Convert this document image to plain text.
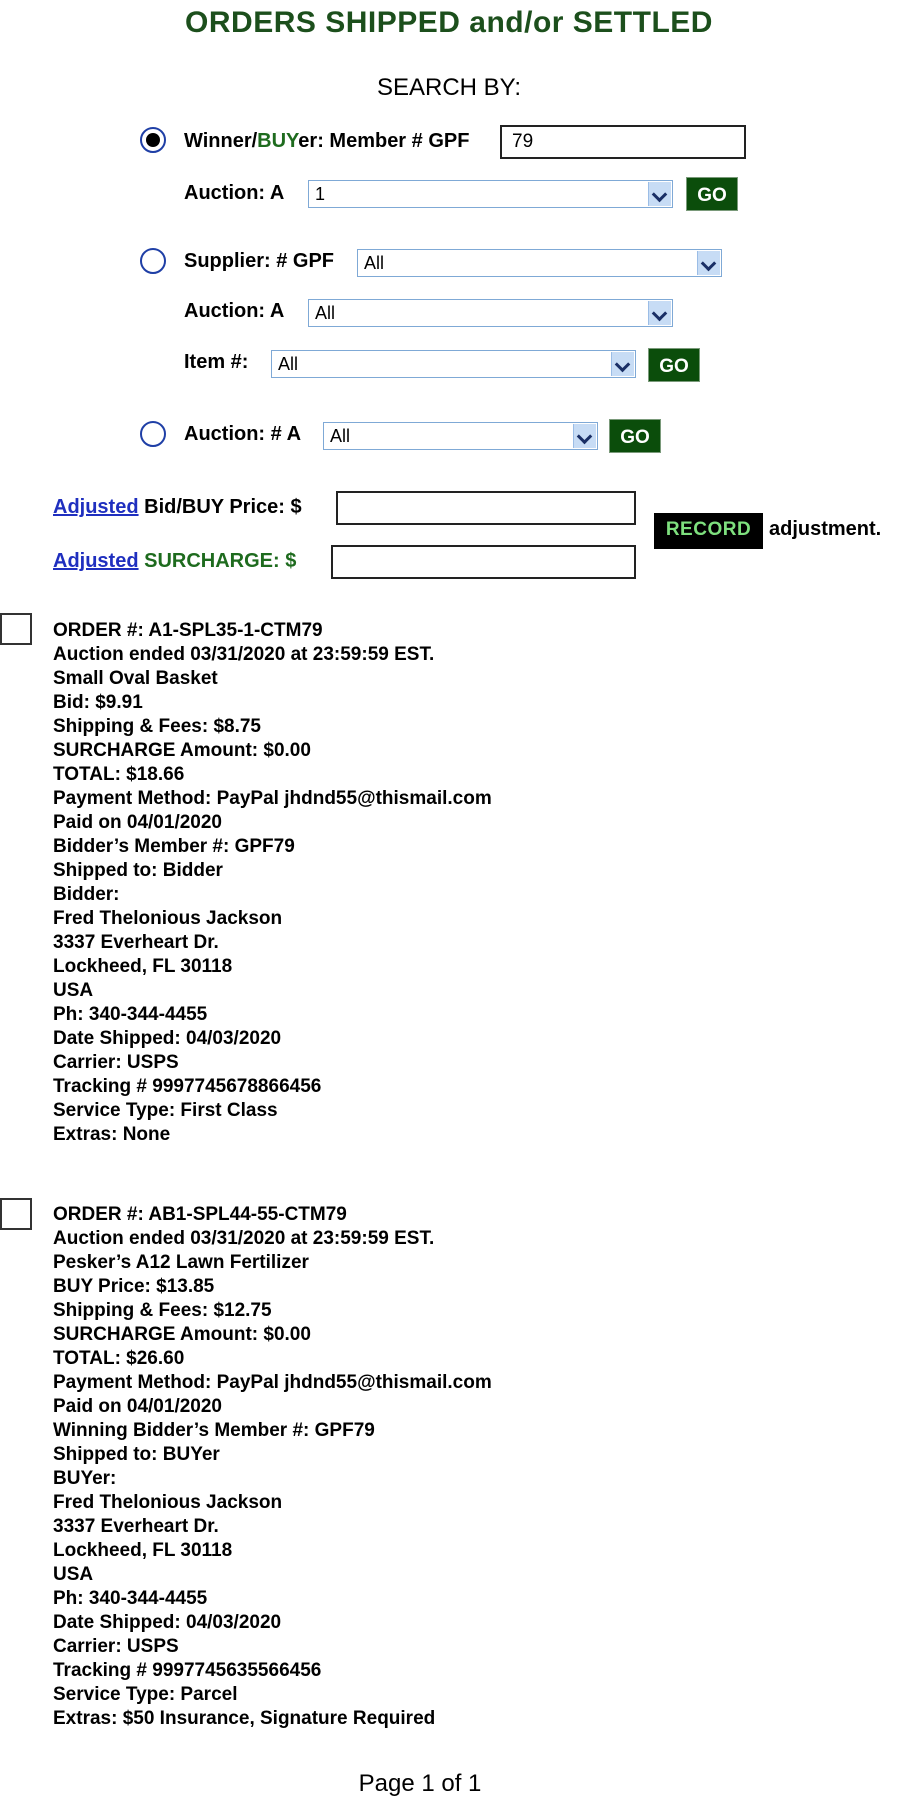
ORDERS SHIPPED and/or SETTLED
SEARCH BY:
Winner/BUYer: Member # GPF	79
Auction: A 1	GO
Supplier: # GPF All
Auction: A All
Item #: All	GO
Auction: # A All	GO
Adjusted Bid/BUY Price: $
Adjusted SURCHARGE: $
RECORD adjustment.
ORDER #: A1-SPL35-1-CTM79
Auction ended 03/31/2020 at 23:59:59 EST.
Small Oval Basket
Bid: $9.91
Shipping & Fees: $8.75
SURCHARGE Amount: $0.00
TOTAL: $18.66
Payment Method: PayPal jhdnd55@thismail.com
Paid on 04/01/2020
Bidder’s Member #: GPF79
Shipped to: Bidder
Bidder:
Fred Thelonious Jackson
3337 Everheart Dr.
Lockheed, FL 30118
USA
Ph: 340-344-4455
Date Shipped: 04/03/2020
Carrier: USPS
Tracking # 9997745678866456
Service Type: First Class
Extras: None
ORDER #: AB1-SPL44-55-CTM79
Auction ended 03/31/2020 at 23:59:59 EST.
Pesker’s A12 Lawn Fertilizer
BUY Price: $13.85
Shipping & Fees: $12.75
SURCHARGE Amount: $0.00
TOTAL: $26.60
Payment Method: PayPal jhdnd55@thismail.com
Paid on 04/01/2020
Winning Bidder’s Member #: GPF79
Shipped to: BUYer
BUYer:
Fred Thelonious Jackson
3337 Everheart Dr.
Lockheed, FL 30118
USA
Ph: 340-344-4455
Date Shipped: 04/03/2020
Carrier: USPS
Tracking # 9997745635566456
Service Type: Parcel
Extras: $50 Insurance, Signature Required
Page 1 of 1
